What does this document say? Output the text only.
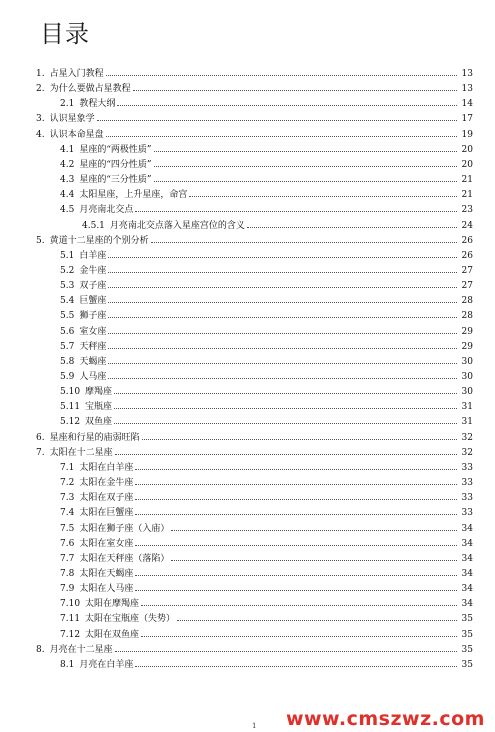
目录
1. 占星入门教程	13
2. 为什么要做占星教程	13
2.1 教程大纲	14
3. 认识星象学	17
4. 认识本命星盘	19
4.1 星座的“两极性质”	20
4.2 星座的“四分性质”	20
4.3 星座的“三分性质”	21
4.4 太阳星座，上升星座，命宫	21
4.5 月亮南北交点	23
4.5.1 月亮南北交点落入星座宫位的含义	24
5. 黄道十二星座的个别分析	26
5.1 白羊座	26
5.2 金牛座	27
5.3 双子座	27
5.4 巨蟹座	28
5.5 狮子座	28
5.6 室女座	29
5.7 天秤座	29
5.8 天蝎座	30
5.9 人马座	30
5.10 摩羯座	30
5.11 宝瓶座	31
5.12 双鱼座	31
6. 星座和行星的庙弱旺陷	32
7. 太阳在十二星座	32
7.1 太阳在白羊座	33
7.2 太阳在金牛座	33
7.3 太阳在双子座	33
7.4 太阳在巨蟹座	33
7.5 太阳在狮子座（入庙）	34
7.6 太阳在室女座	34
7.7 太阳在天秤座（落陷）	34
7.8 太阳在天蝎座	34
7.9 太阳在人马座	34
7.10 太阳在摩羯座	34
7.11 太阳在宝瓶座（失势）	35
7.12 太阳在双鱼座	35
8. 月亮在十二星座	35
8.1 月亮在白羊座	35
1 www.cmszwz.com
